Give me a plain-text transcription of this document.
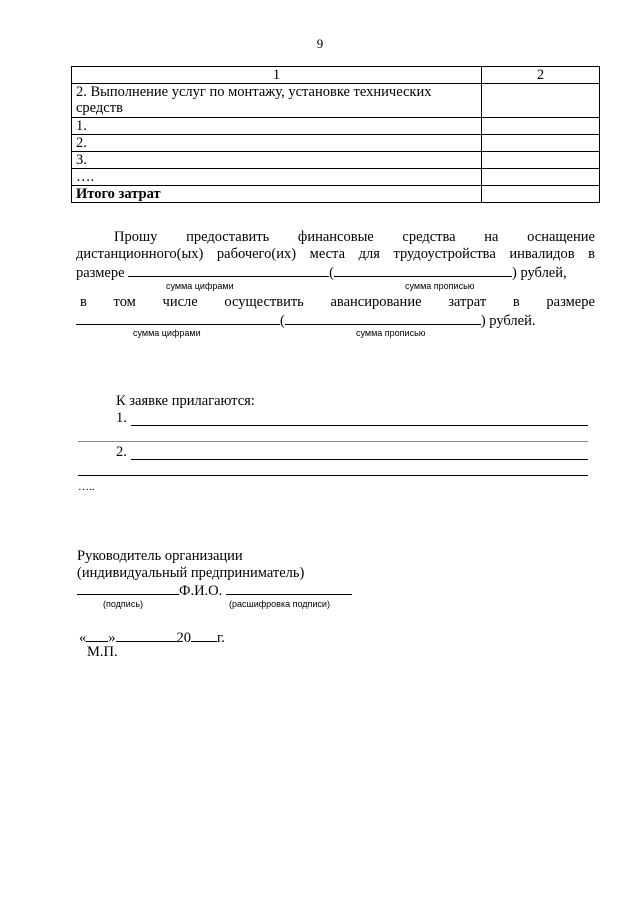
9
1	2
2. Выполнение услуг по монтажу, установке технических средств	
1.	
2.	
3.	
….	
Итого затрат	
Прошу предоставить финансовые средства на оснащение
дистанционного(ых) рабочего(их) места для трудоустройства инвалидов в
размере	(	) рублей,
сумма цифрами	сумма прописью
в том числе осуществить авансирование затрат в размере
(	) рублей.
сумма цифрами	сумма прописью
К заявке прилагаются:
1.
2.
…..
Руководитель организации
(индивидуальный предприниматель)
Ф.И.О.
(подпись)	(расшифровка подписи)
« »	20 г.
М.П.
